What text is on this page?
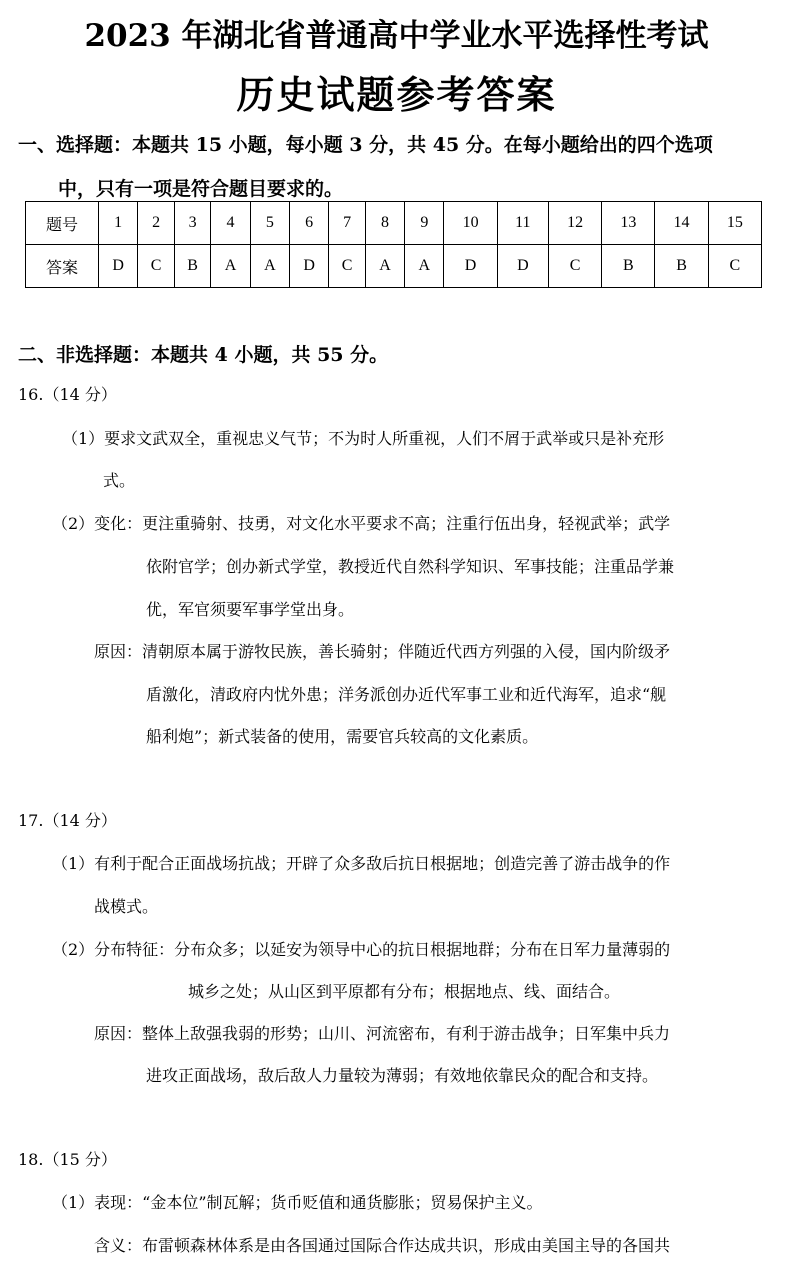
2023 年湖北省普通高中学业水平选择性考试
历史试题参考答案
一、选择题：本题共 15 小题，每小题 3 分，共 45 分。在每小题给出的四个选项
中，只有一项是符合题目要求的。
题号	1	2	3	4	5	6	7	8	9	10	11	12	13	14	15
答案	D	C	B	A	A	D	C	A	A	D	D	C	B	B	C
二、非选择题：本题共 4 小题，共 55 分。
16.（14 分）
（1）要求文武双全，重视忠义气节；不为时人所重视，人们不屑于武举或只是补充形
式。
（2）变化：更注重骑射、技勇，对文化水平要求不高；注重行伍出身，轻视武举；武学
依附官学；创办新式学堂，教授近代自然科学知识、军事技能；注重品学兼
优，军官须要军事学堂出身。
原因：清朝原本属于游牧民族，善长骑射；伴随近代西方列强的入侵，国内阶级矛
盾激化，清政府内忧外患；洋务派创办近代军事工业和近代海军，追求“舰
船利炮”；新式装备的使用，需要官兵较高的文化素质。
17.（14 分）
（1）有利于配合正面战场抗战；开辟了众多敌后抗日根据地；创造完善了游击战争的作
战模式。
（2）分布特征：分布众多；以延安为领导中心的抗日根据地群；分布在日军力量薄弱的
城乡之处；从山区到平原都有分布；根据地点、线、面结合。
原因：整体上敌强我弱的形势；山川、河流密布，有利于游击战争；日军集中兵力
进攻正面战场，敌后敌人力量较为薄弱；有效地依靠民众的配合和支持。
18.（15 分）
（1）表现：“金本位”制瓦解；货币贬值和通货膨胀；贸易保护主义。
含义：布雷顿森林体系是由各国通过国际合作达成共识，形成由美国主导的各国共
